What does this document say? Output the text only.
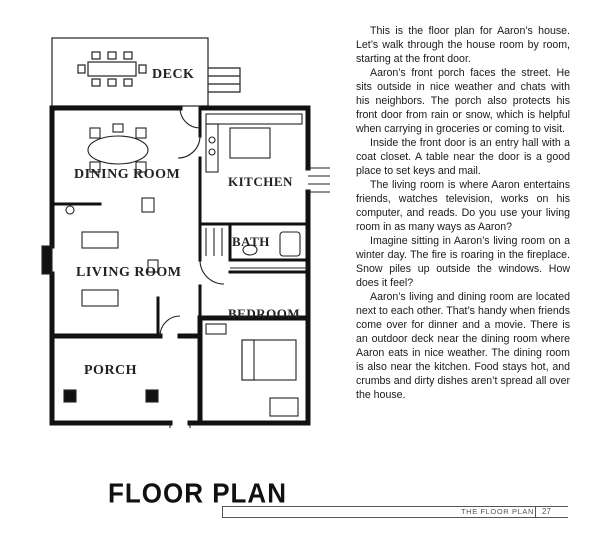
DECK
DINING ROOM	KITCHEN
BATH
LIVING ROOM
BEDROOM
PORCH

This is the floor plan for Aaron’s house. Let’s walk through the house room by room, starting at the front door.

Aaron’s front porch faces the street. He sits outside in nice weather and chats with his neighbors. The porch also protects his front door from rain or snow, which is helpful when carrying in groceries or coming to visit.

Inside the front door is an entry hall with a coat closet. A table near the door is a good place to set keys and mail.

The living room is where Aaron entertains friends, watches television, works on his computer, and reads. Do you use your living room in as many ways as Aaron?

Imagine sitting in Aaron’s living room on a winter day. The fire is roaring in the fireplace. Snow piles up outside the windows. How does it feel?

Aaron’s living and dining room are located next to each other. That’s handy when friends come over for dinner and a movie. There is an outdoor deck near the dining room where Aaron eats in nice weather. The dining room is also near the kitchen. Food stays hot, and crumbs and dirty dishes aren’t spread all over the house.

FLOOR PLAN
THE FLOOR PLAN 27
